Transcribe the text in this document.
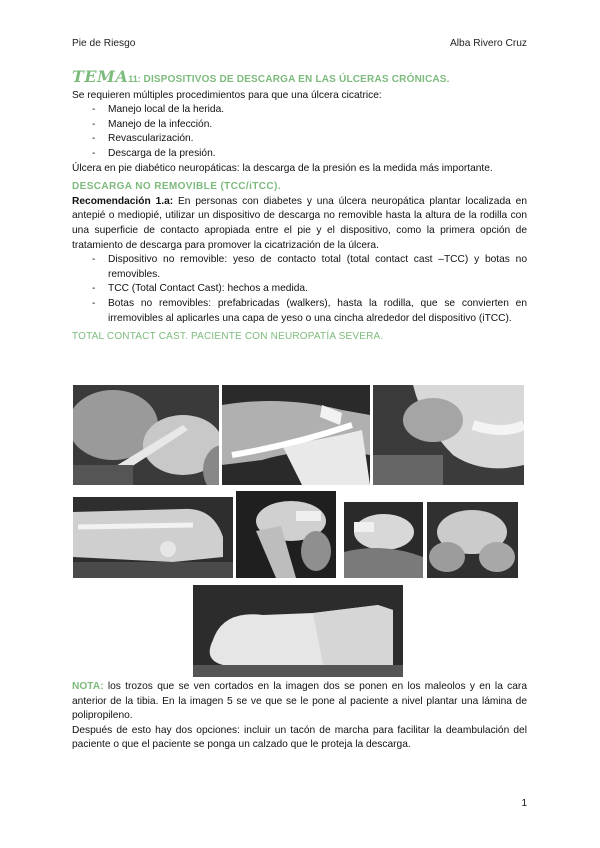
Pie de Riesgo	Alba Rivero Cruz
TEMA11: DISPOSITIVOS DE DESCARGA EN LAS ÚLCERAS CRÓNICAS.

Se requieren múltiples procedimientos para que una úlcera cicatrice:

- Manejo local de la herida.
- Manejo de la infección.
- Revascularización.
- Descarga de la presión.

Úlcera en pie diabético neuropáticas: la descarga de la presión es la medida más importante.

DESCARGA NO REMOVIBLE (TCC/iTCC).

Recomendación 1.a: En personas con diabetes y una úlcera neuropática plantar localizada en antepié o mediopié, utilizar un dispositivo de descarga no removible hasta la altura de la rodilla con una superficie de contacto apropiada entre el pie y el dispositivo, como la primera opción de tratamiento de descarga para promover la cicatrización de la úlcera.

- Dispositivo no removible: yeso de contacto total (total contact cast –TCC) y botas no removibles.
- TCC (Total Contact Cast): hechos a medida.
- Botas no removibles: prefabricadas (walkers), hasta la rodilla, que se convierten en irremovibles al aplicarles una capa de yeso o una cincha alrededor del dispositivo (iTCC).
TOTAL CONTACT CAST. PACIENTE CON NEUROPATÍA SEVERA.

NOTA: los trozos que se ven cortados en la imagen dos se ponen en los maleolos y en la cara anterior de la tibia. En la imagen 5 se ve que se le pone al paciente a nivel plantar una lámina de polipropileno.

Después de esto hay dos opciones: incluir un tacón de marcha para facilitar la deambulación del paciente o que el paciente se ponga un calzado que le proteja la descarga.

1
